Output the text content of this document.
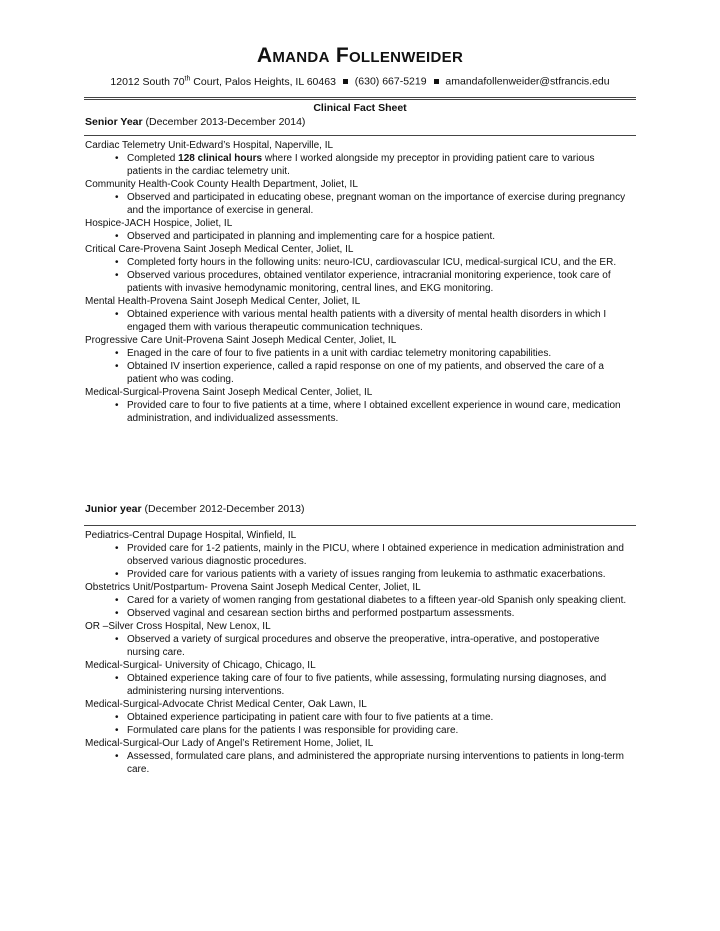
Amanda Follenweider
12012 South 70th Court, Palos Heights, IL 60463 (630) 667-5219 amandafollenweider@stfrancis.edu
Clinical Fact Sheet
Senior Year (December 2013-December 2014)
Cardiac Telemetry Unit-Edward’s Hospital, Naperville, IL
• Completed 128 clinical hours where I worked alongside my preceptor in providing patient care to various patients in the cardiac telemetry unit.
Community Health-Cook County Health Department, Joliet, IL
• Observed and participated in educating obese, pregnant woman on the importance of exercise during pregnancy and the importance of exercise in general.
Hospice-JACH Hospice, Joliet, IL
• Observed and participated in planning and implementing care for a hospice patient.
Critical Care-Provena Saint Joseph Medical Center, Joliet, IL
• Completed forty hours in the following units: neuro-ICU, cardiovascular ICU, medical-surgical ICU, and the ER.
• Observed various procedures, obtained ventilator experience, intracranial monitoring experience, took care of patients with invasive hemodynamic monitoring, central lines, and EKG monitoring.
Mental Health-Provena Saint Joseph Medical Center, Joliet, IL
• Obtained experience with various mental health patients with a diversity of mental health disorders in which I engaged them with various therapeutic communication techniques.
Progressive Care Unit-Provena Saint Joseph Medical Center, Joliet, IL
• Enaged in the care of four to five patients in a unit with cardiac telemetry monitoring capabilities.
• Obtained IV insertion experience, called a rapid response on one of my patients, and observed the care of a patient who was coding.
Medical-Surgical-Provena Saint Joseph Medical Center, Joliet, IL
• Provided care to four to five patients at a time, where I obtained excellent experience in wound care, medication administration, and individualized assessments.
Junior year (December 2012-December 2013)
Pediatrics-Central Dupage Hospital, Winfield, IL
• Provided care for 1-2 patients, mainly in the PICU, where I obtained experience in medication administration and observed various diagnostic procedures.
• Provided care for various patients with a variety of issues ranging from leukemia to asthmatic exacerbations.
Obstetrics Unit/Postpartum- Provena Saint Joseph Medical Center, Joliet, IL
• Cared for a variety of women ranging from gestational diabetes to a fifteen year-old Spanish only speaking client.
• Observed vaginal and cesarean section births and performed postpartum assessments.
OR –Silver Cross Hospital, New Lenox, IL
• Observed a variety of surgical procedures and observe the preoperative, intra-operative, and postoperative nursing care.
Medical-Surgical- University of Chicago, Chicago, IL
• Obtained experience taking care of four to five patients, while assessing, formulating nursing diagnoses, and administering nursing interventions.
Medical-Surgical-Advocate Christ Medical Center, Oak Lawn, IL
• Obtained experience participating in patient care with four to five patients at a time.
• Formulated care plans for the patients I was responsible for providing care.
Medical-Surgical-Our Lady of Angel’s Retirement Home, Joliet, IL
• Assessed, formulated care plans, and administered the appropriate nursing interventions to patients in long-term care.
